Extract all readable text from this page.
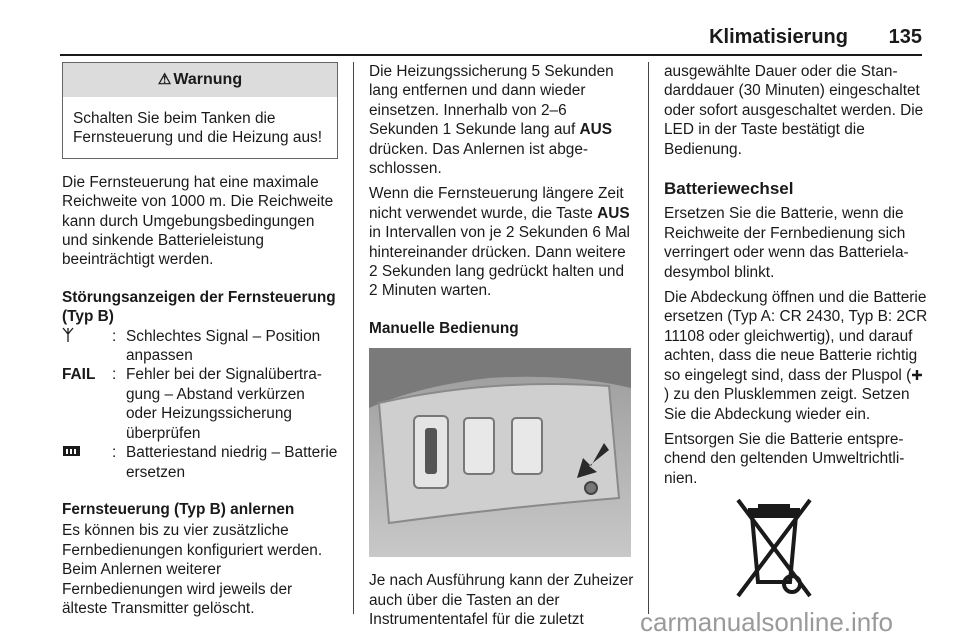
Klimatisierung 135
⚠ Warnung
Schalten Sie beim Tanken die Fernsteuerung und die Heizung aus!

Die Fernsteuerung hat eine maximale Reichweite von 1000 m. Die Reichweite kann durch Umgebungsbedingungen und sinkende Batterieleistung beeinträchtigt werden.

Störungsanzeigen der Fernsteuerung (Typ B)
: Schlechtes Signal – Position anpassen
FAIL	: Fehler bei der Signalübertragung – Abstand verkürzen oder Heizungssicherung überprüfen
: Batteriestand niedrig – Batterie ersetzen
Fernsteuerung (Typ B) anlernen

Es können bis zu vier zusätzliche Fernbedienungen konfiguriert werden. Beim Anlernen weiterer Fernbedienungen wird jeweils der älteste Transmitter gelöscht.

Die Heizungssicherung 5 Sekunden lang entfernen und dann wieder einsetzen. Innerhalb von 2–6 Sekunden 1 Sekunde lang auf AUS drücken. Das Anlernen ist abgeschlossen.

Wenn die Fernsteuerung längere Zeit nicht verwendet wurde, die Taste AUS in Intervallen von je 2 Sekunden 6 Mal hintereinander drücken. Dann weitere 2 Sekunden lang gedrückt halten und 2 Minuten warten.

Manuelle Bedienung

Je nach Ausführung kann der Zuheizer auch über die Tasten an der Instrumententafel für die zuletzt

ausgewählte Dauer oder die Standarddauer (30 Minuten) eingeschaltet oder sofort ausgeschaltet werden. Die LED in der Taste bestätigt die Bedienung.

Batteriewechsel

Ersetzen Sie die Batterie, wenn die Reichweite der Fernbedienung sich verringert oder wenn das Batterieladesymbol blinkt.

Die Abdeckung öffnen und die Batterie ersetzen (Typ A: CR 2430, Typ B: 2CR 11108 oder gleichwertig), und darauf achten, dass die neue Batterie richtig so eingelegt sind, dass der Pluspol () zu den Plusklemmen zeigt. Setzen Sie die Abdeckung wieder ein.

Entsorgen Sie die Batterie entsprechend den geltenden Umweltrichtlinien.

carmanualsonline.info
